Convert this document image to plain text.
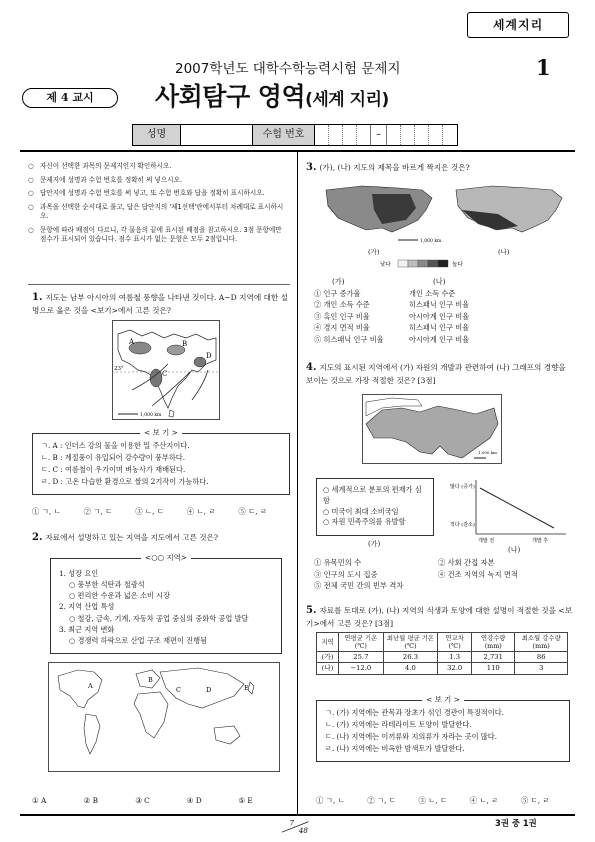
세계지리
2007학년도 대학수학능력시험 문제지	1
제 4 교시	사회탐구 영역(세계 지리)
성명	수험 번호	–
○ 자신이 선택한 과목의 문제지인지 확인하시오.
○ 문제지에 성명과 수험 번호를 정확히 써 넣으시오.
○ 답안지에 성명과 수험 번호를 써 넣고, 또 수험 번호와 답을 정확히 표시하시오.
○ 과목을 선택한 순서대로 풀고, 답은 답안지의 '제1선택'란에서부터 차례대로 표시하시오.
○ 문항에 따라 배점이 다르니, 각 물음의 끝에 표시된 배점을 참고하시오. 3점 문항에만 점수가 표시되어 있습니다. 점수 표시가 없는 문항은 모두 2점입니다.
1. 지도는 남부 아시아의 여름철 풍향을 나타낸 것이다. A~D 지역에 대한 설명으로 옳은 것을 <보기>에서 고른 것은?
A	B
C
D
23°
1,000 km
< 보 기 >

ㄱ. A : 인더스 강의 물을 이용한 밀 주산지이다.

ㄴ. B : 계절풍이 유입되어 강수량이 풍부하다.

ㄷ. C : 여름철이 우기이며 벼농사가 재배된다.

ㄹ. D : 고온 다습한 환경으로 쌀의 2기작이 가능하다.

① ㄱ, ㄴ	② ㄱ, ㄷ	③ ㄴ, ㄷ	④ ㄴ, ㄹ	⑤ ㄷ, ㄹ
2. 자료에서 설명하고 있는 지역을 지도에서 고른 것은?
<○○ 지역>

1. 성장 요인

○ 풍부한 석탄과 철광석

○ 편리한 수운과 넓은 소비 시장

2. 지역 산업 특성

○ 철강, 금속, 기계, 자동차 공업 중심의 중화학 공업 발달

3. 최근 지역 변화

○ 경쟁력 하락으로 산업 구조 재편이 진행됨

A
B
C	D	E
① A	② B	③ C	④ D	⑤ E
3. (가), (나) 지도의 제목을 바르게 짝지은 것은?
1,000 km
(가)	(나)
낮다	높다
(가)	(나)
① 인구 증가율	개인 소득 수준
② 개인 소득 수준	히스패닉 인구 비율
③ 흑인 인구 비율	아시아계 인구 비율
④ 경지 면적 비율	히스패닉 인구 비율
⑤ 히스패닉 인구 비율	아시아계 인구 비율
4. 지도의 표시된 지역에서 (가) 자원의 개발과 관련하여 (나) 그래프의 경향을 보이는 것으로 가장 적절한 것은? [3점]
1,000 km

○ 세계적으로 분포의 편재가 심함

○ 미국이 최대 소비국임

○ 자원 민족주의를 유발함

(가)
많다 (증가)
적다 (감소)
개발 전	개발 후
(나)
① 유목민의 수	② 사회 간접 자본
③ 인구의 도시 집중	④ 건조 지역의 녹지 면적
⑤ 전체 국민 간의 빈부 격차
5. 자료를 토대로 (가), (나) 지역의 식생과 토양에 대한 설명이 적절한 것을 <보기>에서 고른 것은? [3점]
지역	연평균 기온(℃)	최난월 평균 기온(℃)	연교차 (℃)	연강수량 (mm)	최소월 강수량(mm)
(가)	25.7	26.3	1.3	2,731	86
(나)	−12.0	4.0	32.0	110	3
< 보 기 >

ㄱ. (가) 지역에는 관목과 장초가 섞인 경관이 특징적이다.

ㄴ. (가) 지역에는 라테라이트 토양이 발달한다.

ㄷ. (나) 지역에는 이끼류와 지의류가 자라는 곳이 많다.

ㄹ. (나) 지역에는 비옥한 밤색토가 발달한다.

① ㄱ, ㄴ	② ㄱ, ㄷ	③ ㄴ, ㄷ	④ ㄴ, ㄹ	⑤ ㄷ, ㄹ
7
48
3권 중 1권
